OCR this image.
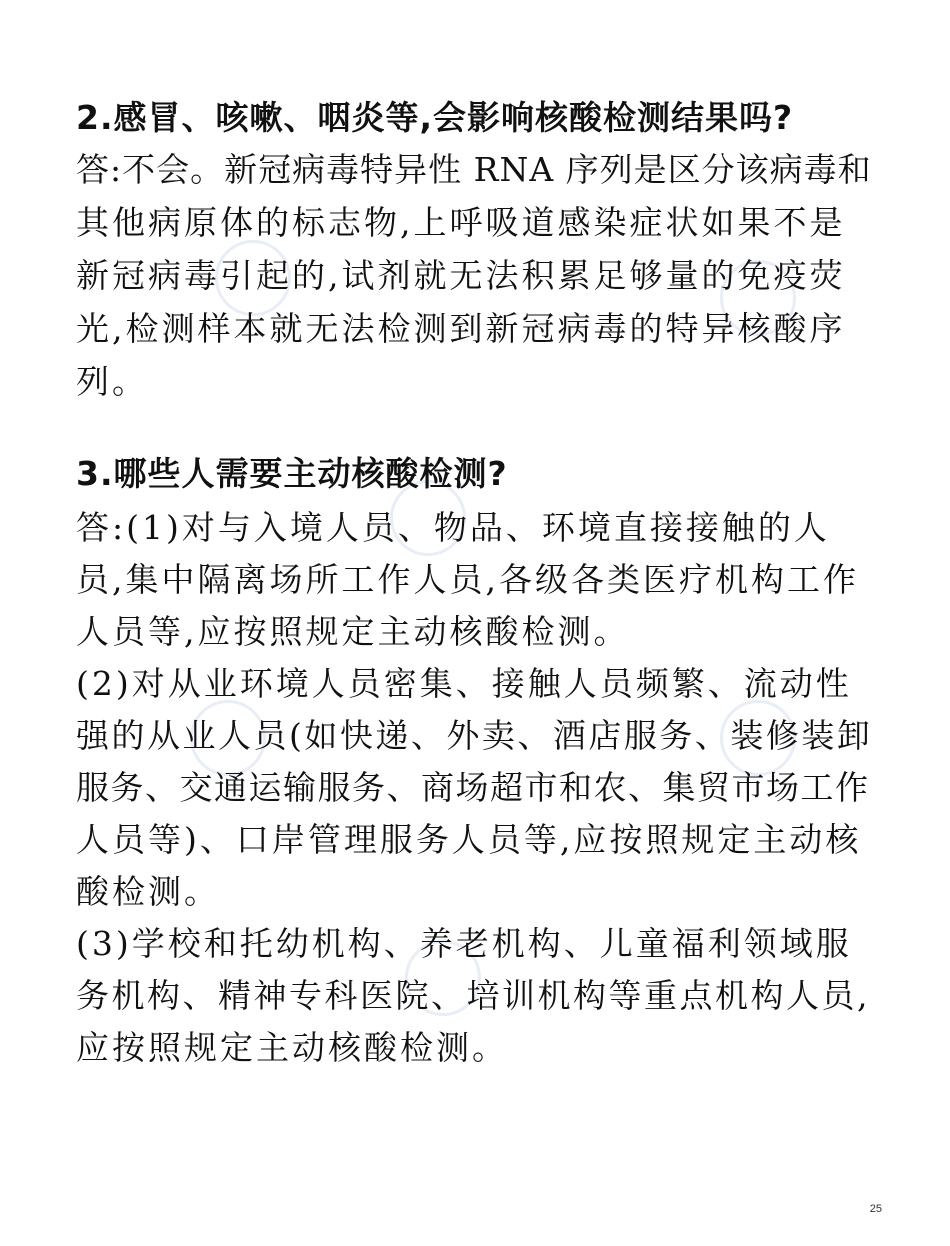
2.感冒、咳嗽、咽炎等,会影响核酸检测结果吗?
答:不会。新冠病毒特异性 RNA 序列是区分该病毒和
其他病原体的标志物,上呼吸道感染症状如果不是
新冠病毒引起的,试剂就无法积累足够量的免疫荧
光,检测样本就无法检测到新冠病毒的特异核酸序
列。
3.哪些人需要主动核酸检测?
答:(1)对与入境人员、物品、环境直接接触的人
员,集中隔离场所工作人员,各级各类医疗机构工作
人员等,应按照规定主动核酸检测。
(2)对从业环境人员密集、接触人员频繁、流动性
强的从业人员(如快递、外卖、酒店服务、装修装卸
服务、交通运输服务、商场超市和农、集贸市场工作
人员等)、口岸管理服务人员等,应按照规定主动核
酸检测。
(3)学校和托幼机构、养老机构、儿童福利领域服
务机构、精神专科医院、培训机构等重点机构人员,
应按照规定主动核酸检测。
25
